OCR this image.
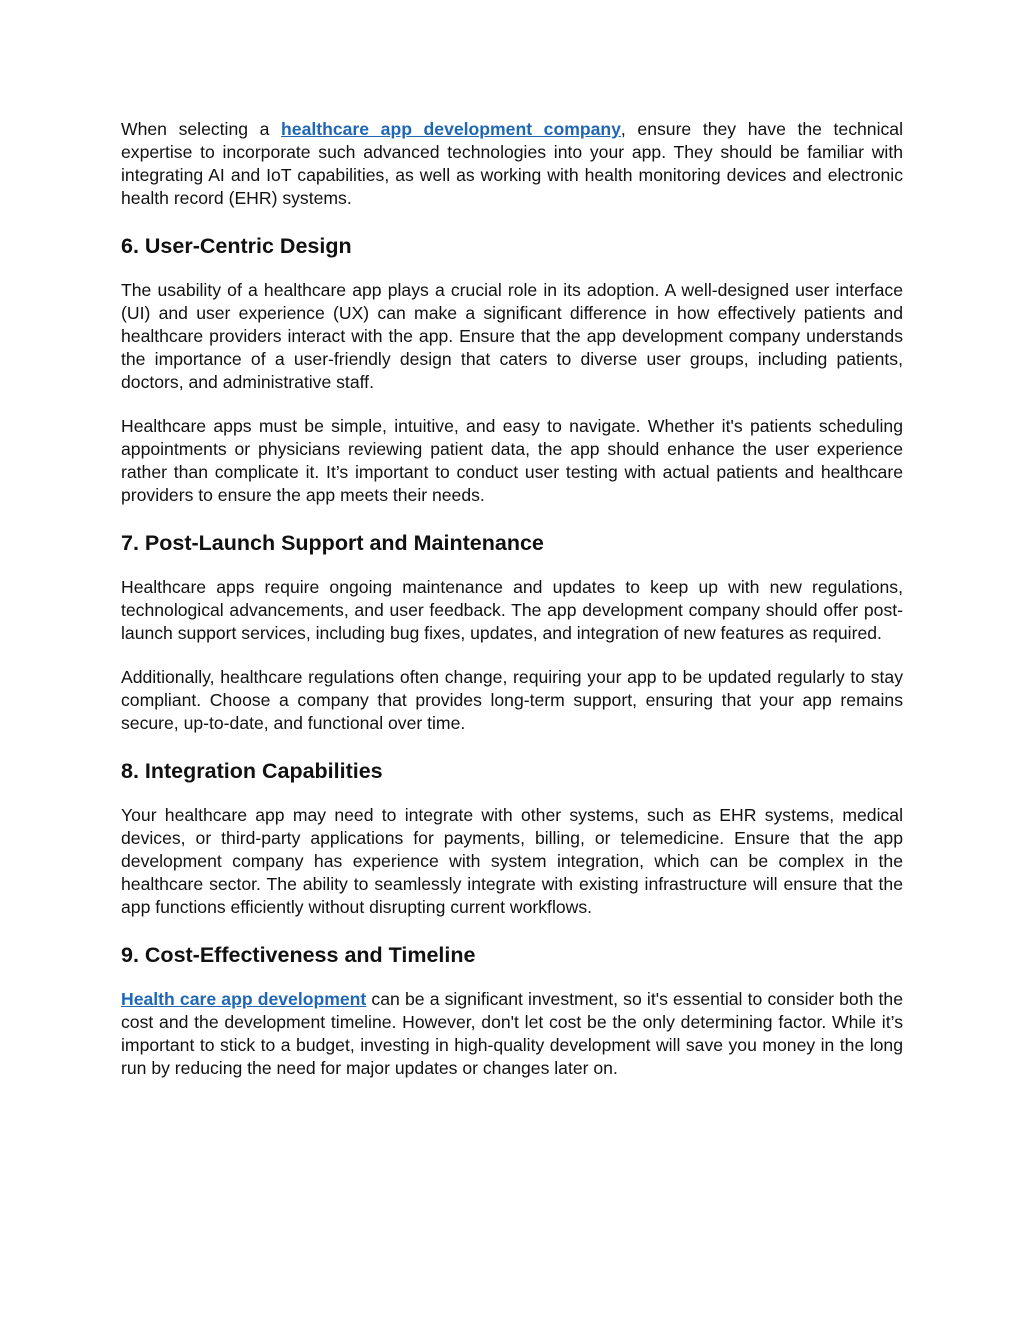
When selecting a healthcare app development company, ensure they have the technical expertise to incorporate such advanced technologies into your app. They should be familiar with integrating AI and IoT capabilities, as well as working with health monitoring devices and electronic health record (EHR) systems.

6. User-Centric Design

The usability of a healthcare app plays a crucial role in its adoption. A well-designed user interface (UI) and user experience (UX) can make a significant difference in how effectively patients and healthcare providers interact with the app. Ensure that the app development company understands the importance of a user-friendly design that caters to diverse user groups, including patients, doctors, and administrative staff.

Healthcare apps must be simple, intuitive, and easy to navigate. Whether it's patients scheduling appointments or physicians reviewing patient data, the app should enhance the user experience rather than complicate it. It’s important to conduct user testing with actual patients and healthcare providers to ensure the app meets their needs.

7. Post-Launch Support and Maintenance

Healthcare apps require ongoing maintenance and updates to keep up with new regulations, technological advancements, and user feedback. The app development company should offer post-launch support services, including bug fixes, updates, and integration of new features as required.

Additionally, healthcare regulations often change, requiring your app to be updated regularly to stay compliant. Choose a company that provides long-term support, ensuring that your app remains secure, up-to-date, and functional over time.

8. Integration Capabilities

Your healthcare app may need to integrate with other systems, such as EHR systems, medical devices, or third-party applications for payments, billing, or telemedicine. Ensure that the app development company has experience with system integration, which can be complex in the healthcare sector. The ability to seamlessly integrate with existing infrastructure will ensure that the app functions efficiently without disrupting current workflows.

9. Cost-Effectiveness and Timeline

Health care app development can be a significant investment, so it's essential to consider both the cost and the development timeline. However, don't let cost be the only determining factor. While it’s important to stick to a budget, investing in high-quality development will save you money in the long run by reducing the need for major updates or changes later on.
